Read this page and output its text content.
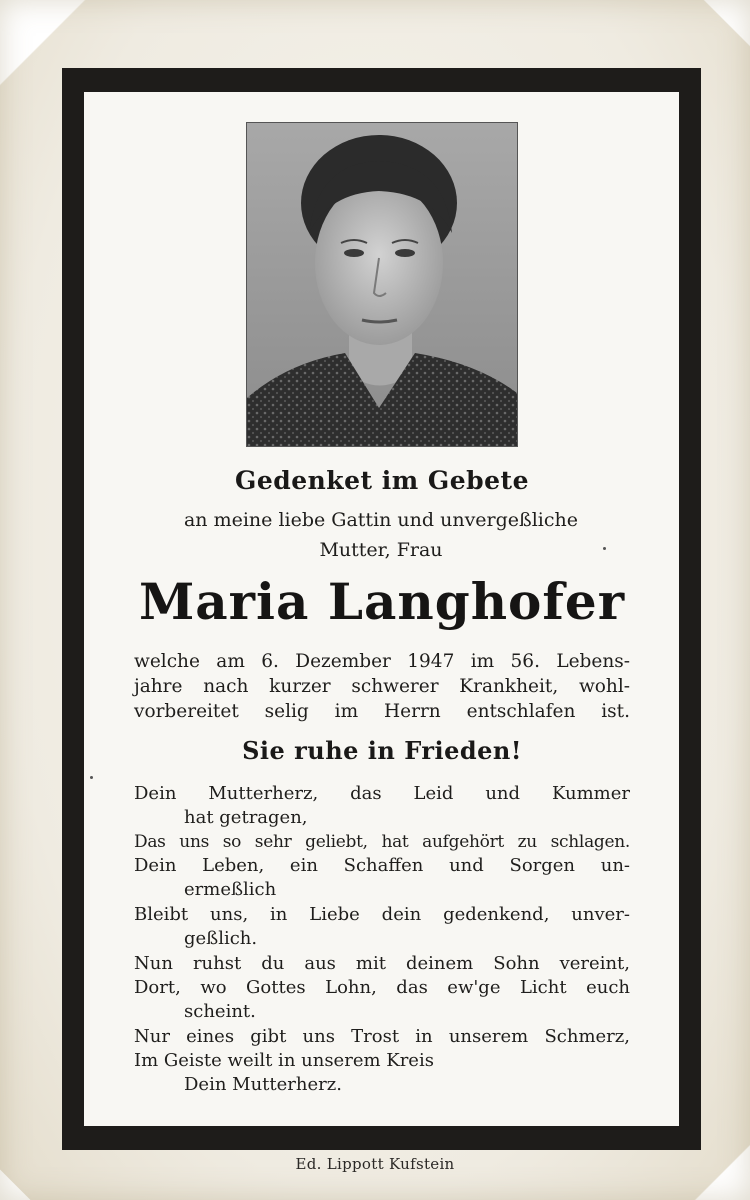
Gedenket im Gebete
an meine liebe Gattin und unvergeßliche
Mutter, Frau
Maria Langhofer

welche am 6. Dezember 1947 im 56. Lebens-

jahre nach kurzer schwerer Krankheit, wohl-

vorbereitet selig im Herrn entschlafen ist.

Sie ruhe in Frieden!

Dein Mutterherz, das Leid und Kummer

hat getragen,

Das uns so sehr geliebt, hat aufgehört zu schlagen.

Dein Leben, ein Schaffen und Sorgen un-

ermeßlich

Bleibt uns, in Liebe dein gedenkend, unver-

geßlich.

Nun ruhst du aus mit deinem Sohn vereint,

Dort, wo Gottes Lohn, das ew'ge Licht euch

scheint.

Nur eines gibt uns Trost in unserem Schmerz,

Im Geiste weilt in unserem Kreis

Dein Mutterherz.

Ed. Lippott Kufstein
